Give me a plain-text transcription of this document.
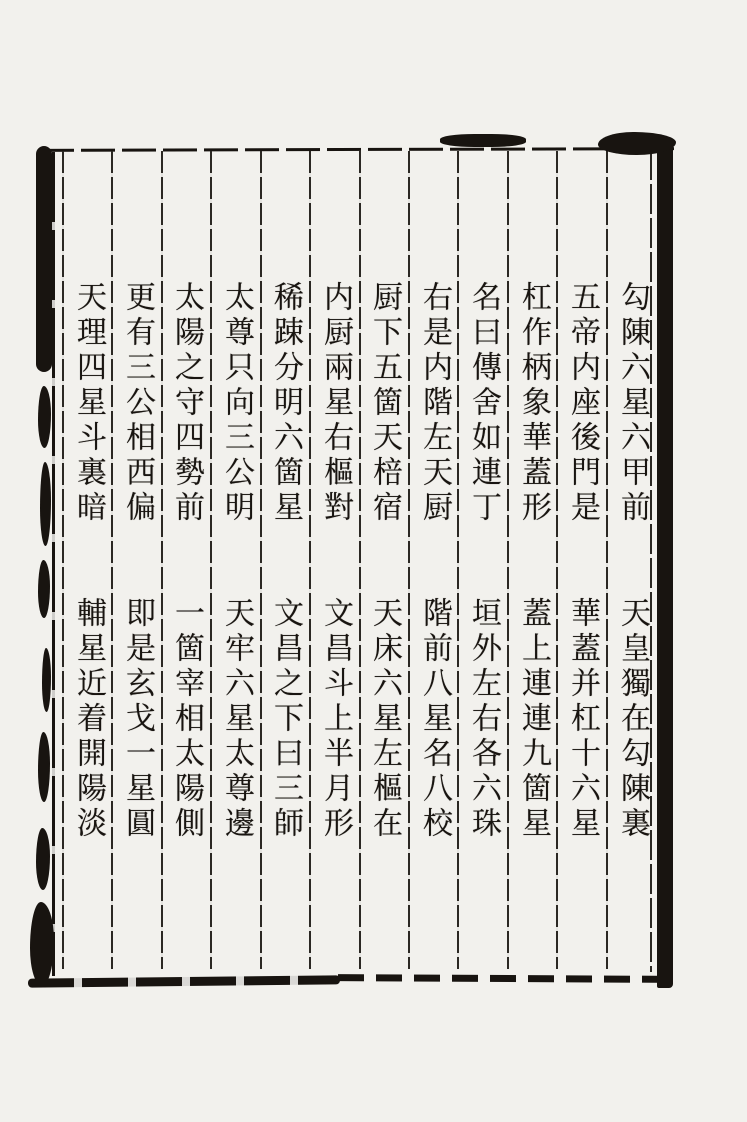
勾陳六星六甲前
天皇獨在勾陳裏
五帝内座後門是
華蓋并杠十六星
杠作柄象華蓋形
蓋上連連九箇星
名曰傳舍如連丁
垣外左右各六珠
右是内階左天厨
階前八星名八校
厨下五箇天棓宿
天床六星左樞在
内厨兩星右樞對
文昌斗上半月形
稀踈分明六箇星
文昌之下曰三師
太尊只向三公明
天牢六星太尊邊
太陽之守四勢前
一箇宰相太陽側
更有三公相西偏
即是玄戈一星圓
天理四星斗裏暗
輔星近着開陽淡
